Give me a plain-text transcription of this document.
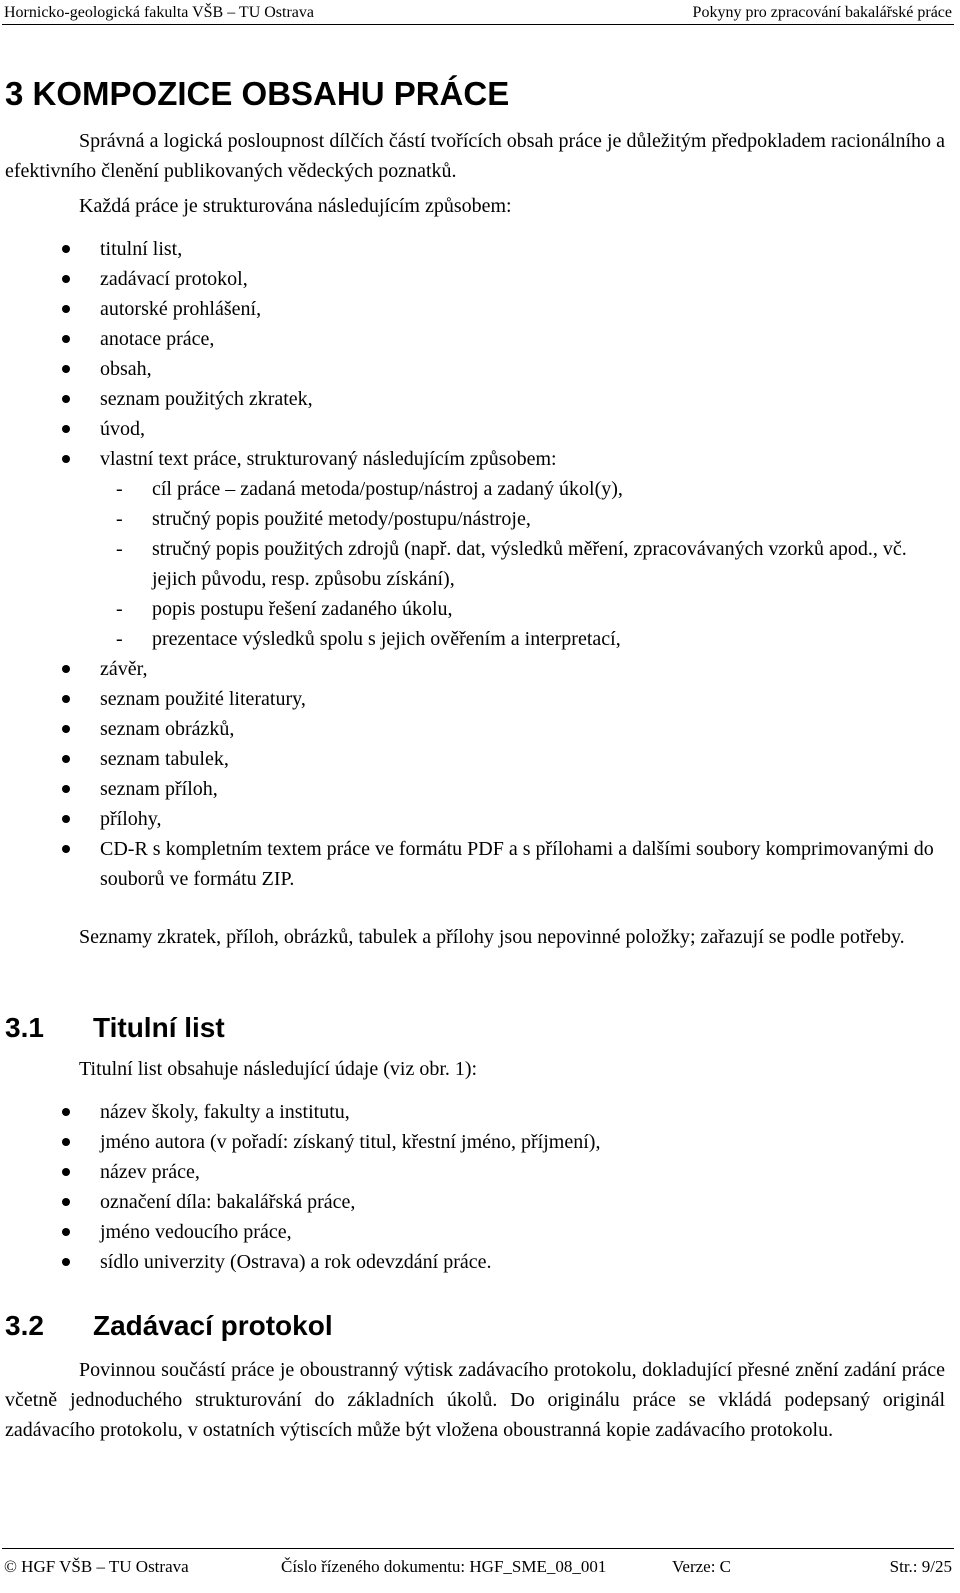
Hornicko-geologická fakulta VŠB – TU Ostrava	Pokyny pro zpracování bakalářské práce
3 KOMPOZICE OBSAHU PRÁCE

Správná a logická posloupnost dílčích částí tvořících obsah práce je důležitým předpokladem racionálního a efektivního členění publikovaných vědeckých poznatků.

Každá práce je strukturována následujícím způsobem:
titulní list,
zadávací protokol,
autorské prohlášení,
anotace práce,
obsah,
seznam použitých zkratek,
úvod,
vlastní text práce, strukturovaný následujícím způsobem:
- cíl práce – zadaná metoda/postup/nástroj a zadaný úkol(y),
- stručný popis použité metody/postupu/nástroje,
- stručný popis použitých zdrojů (např. dat, výsledků měření, zpracovávaných vzorků apod., vč. jejich původu, resp. způsobu získání),
- popis postupu řešení zadaného úkolu,
- prezentace výsledků spolu s jejich ověřením a interpretací,
závěr,
seznam použité literatury,
seznam obrázků,
seznam tabulek,
seznam příloh,
přílohy,
CD-R s kompletním textem práce ve formátu PDF a s přílohami a dalšími soubory komprimovanými do souborů ve formátu ZIP.

Seznamy zkratek, příloh, obrázků, tabulek a přílohy jsou nepovinné položky; zařazují se podle potřeby.

3.1 Titulní list
Titulní list obsahuje následující údaje (viz obr. 1):
název školy, fakulty a institutu,
jméno autora (v pořadí: získaný titul, křestní jméno, příjmení),
název práce,
označení díla: bakalářská práce,
jméno vedoucího práce,
sídlo univerzity (Ostrava) a rok odevzdání práce.
3.2 Zadávací protokol

Povinnou součástí práce je oboustranný výtisk zadávacího protokolu, dokladující přesné znění zadání práce včetně jednoduchého strukturování do základních úkolů. Do originálu práce se vkládá podepsaný originál zadávacího protokolu, v ostatních výtiscích může být vložena oboustranná kopie zadávacího protokolu.

© HGF VŠB – TU Ostrava	Číslo řízeného dokumentu: HGF_SME_08_001	Verze: C	Str.: 9/25
